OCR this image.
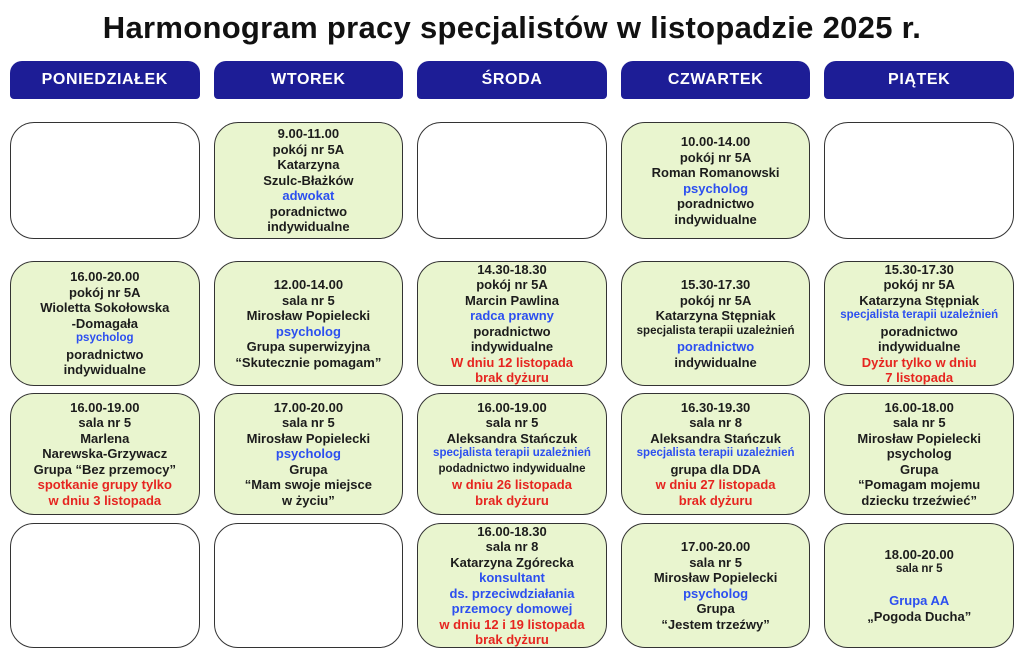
Harmonogram pracy specjalistów w listopadzie 2025 r.
PONIEDZIAŁEK	WTOREK	ŚRODA	CZWARTEK	PIĄTEK
9.00-11.00
pokój nr 5A
Katarzyna
Szulc-Błażków
adwokat
poradnictwo
indywidualne
10.00-14.00
pokój nr 5A
Roman Romanowski
psycholog
poradnictwo
indywidualne
16.00-20.00
pokój nr 5A
Wioletta Sokołowska
-Domagała
psycholog
poradnictwo
indywidualne
12.00-14.00
sala nr 5
Mirosław Popielecki
psycholog
Grupa superwizyjna
“Skutecznie pomagam”
14.30-18.30
pokój nr 5A
Marcin Pawlina
radca prawny
poradnictwo
indywidualne
W dniu 12 listopada
brak dyżuru
15.30-17.30
pokój nr 5A
Katarzyna Stępniak
specjalista terapii uzależnień
poradnictwo
indywidualne
15.30-17.30
pokój nr 5A
Katarzyna Stępniak
specjalista terapii uzależnień
poradnictwo
indywidualne
Dyżur tylko w dniu
7 listopada
16.00-19.00
sala nr 5
Marlena
Narewska-Grzywacz
Grupa “Bez przemocy”
spotkanie grupy tylko
w dniu 3 listopada
17.00-20.00
sala nr 5
Mirosław Popielecki
psycholog
Grupa
“Mam swoje miejsce
w życiu”
16.00-19.00
sala nr 5
Aleksandra Stańczuk
specjalista terapii uzależnień
podadnictwo indywidualne
w dniu 26 listopada
brak dyżuru
16.30-19.30
sala nr 8
Aleksandra Stańczuk
specjalista terapii uzależnień
grupa dla DDA
w dniu 27 listopada
brak dyżuru
16.00-18.00
sala nr 5
Mirosław Popielecki
psycholog
Grupa
“Pomagam mojemu
dziecku trzeźwieć”
16.00-18.30
sala nr 8
Katarzyna Zgórecka
konsultant
ds. przeciwdziałania
przemocy domowej
w dniu 12 i 19 listopada
brak dyżuru
17.00-20.00
sala nr 5
Mirosław Popielecki
psycholog
Grupa
“Jestem trzeźwy”
18.00-20.00
sala nr 5
Grupa AA
„Pogoda Ducha”
